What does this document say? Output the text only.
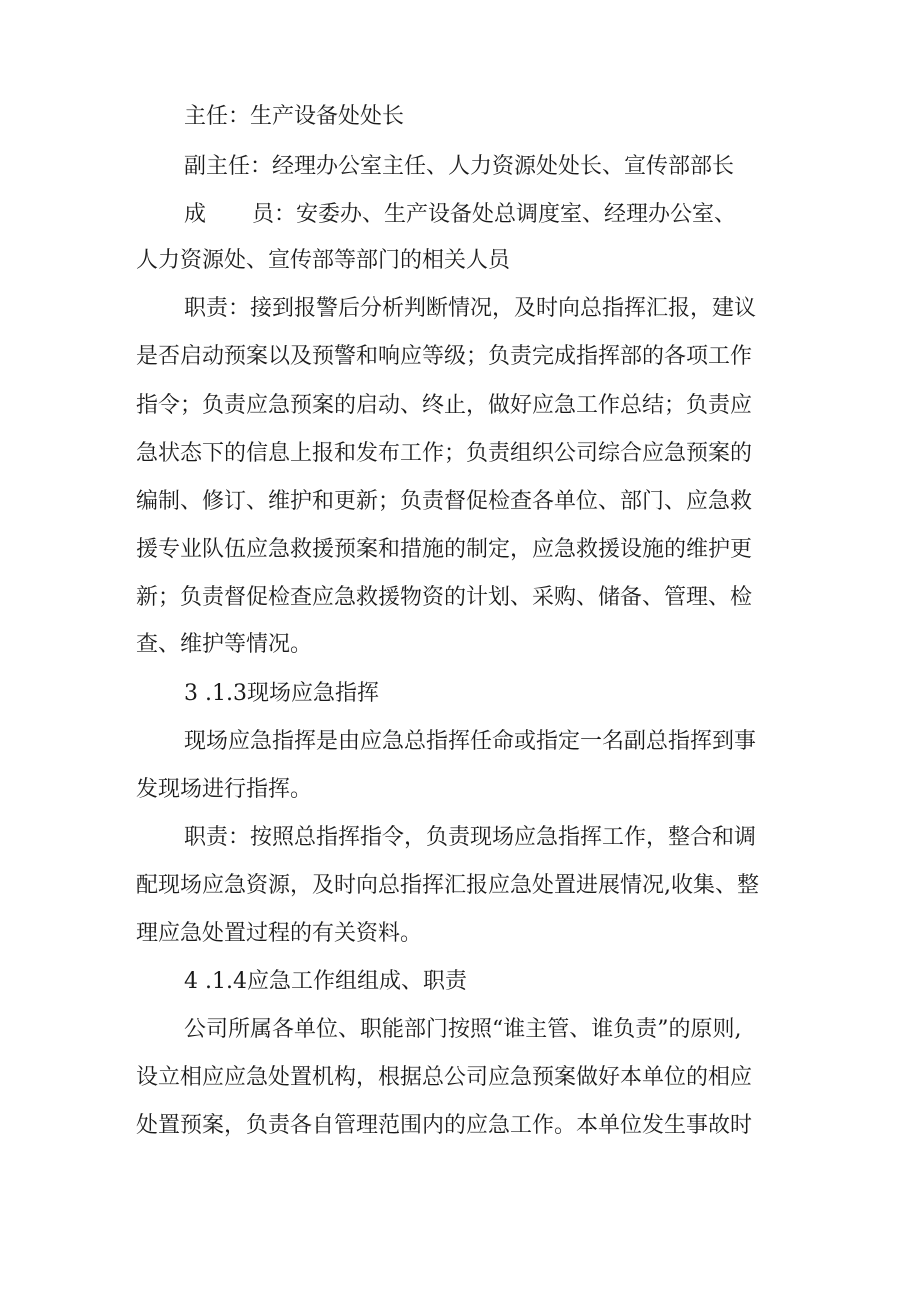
主任：生产设备处处长
副主任：经理办公室主任、人力资源处处长、宣传部部长
成 员：安委办、生产设备处总调度室、经理办公室、
人力资源处、宣传部等部门的相关人员
职责：接到报警后分析判断情况，及时向总指挥汇报，建议
是否启动预案以及预警和响应等级；负责完成指挥部的各项工作
指令；负责应急预案的启动、终止，做好应急工作总结；负责应
急状态下的信息上报和发布工作；负责组织公司综合应急预案的
编制、修订、维护和更新；负责督促检查各单位、部门、应急救
援专业队伍应急救援预案和措施的制定，应急救援设施的维护更
新；负责督促检查应急救援物资的计划、采购、储备、管理、检
查、维护等情况。
3 .1.3现场应急指挥
现场应急指挥是由应急总指挥任命或指定一名副总指挥到事
发现场进行指挥。
职责：按照总指挥指令，负责现场应急指挥工作，整合和调
配现场应急资源，及时向总指挥汇报应急处置进展情况,收集、整
理应急处置过程的有关资料。
4 .1.4应急工作组组成、职责
公司所属各单位、职能部门按照“谁主管、谁负责”的原则,
设立相应应急处置机构，根据总公司应急预案做好本单位的相应
处置预案，负责各自管理范围内的应急工作。本单位发生事故时
